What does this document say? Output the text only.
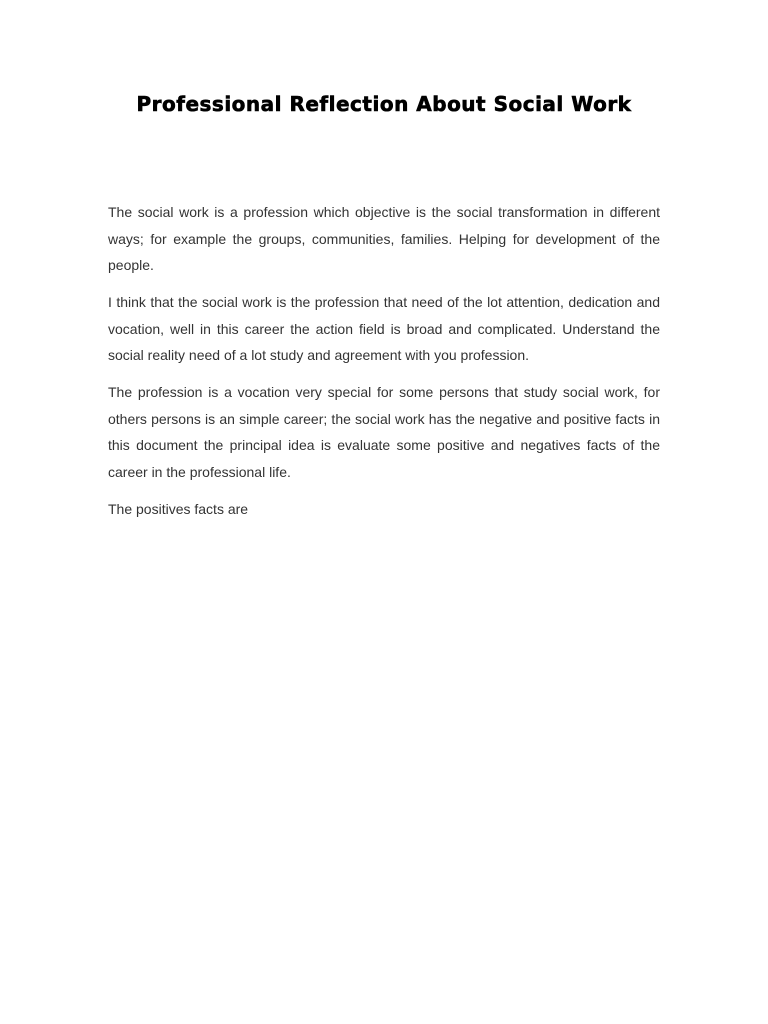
Professional Reflection About Social Work

The social work is a profession which objective is the social transformation in different ways; for example the groups, communities, families. Helping for development of the people.

I think that the social work is the profession that need of the lot attention, dedication and vocation, well in this career the action field is broad and complicated. Understand the social reality need of a lot study and agreement with you profession.

The profession is a vocation very special for some persons that study social work, for others persons is an simple career; the social work has the negative and positive facts in this document the principal idea is evaluate some positive and negatives facts of the career in the professional life.

The positives facts are
